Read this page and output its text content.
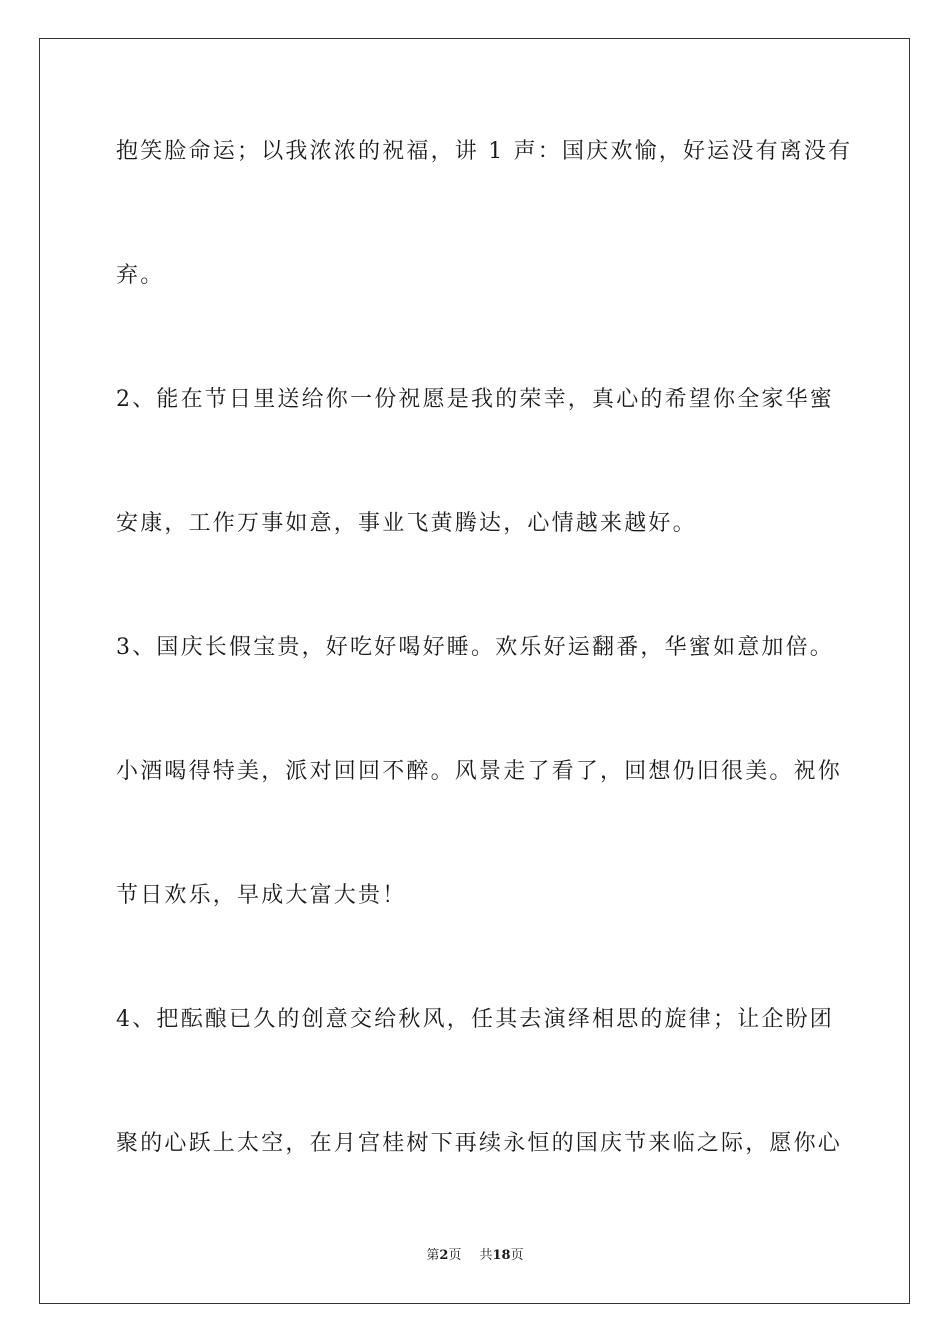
抱笑脸命运；以我浓浓的祝福，讲 1 声：国庆欢愉，好运没有离没有
弃。
2、能在节日里送给你一份祝愿是我的荣幸，真心的希望你全家华蜜
安康，工作万事如意，事业飞黄腾达，心情越来越好。
3、国庆长假宝贵，好吃好喝好睡。欢乐好运翻番，华蜜如意加倍。
小酒喝得特美，派对回回不醉。风景走了看了，回想仍旧很美。祝你
节日欢乐，早成大富大贵！
4、把酝酿已久的创意交给秋风，任其去演绎相思的旋律；让企盼团
聚的心跃上太空，在月宫桂树下再续永恒的国庆节来临之际，愿你心
第2页 共18页
